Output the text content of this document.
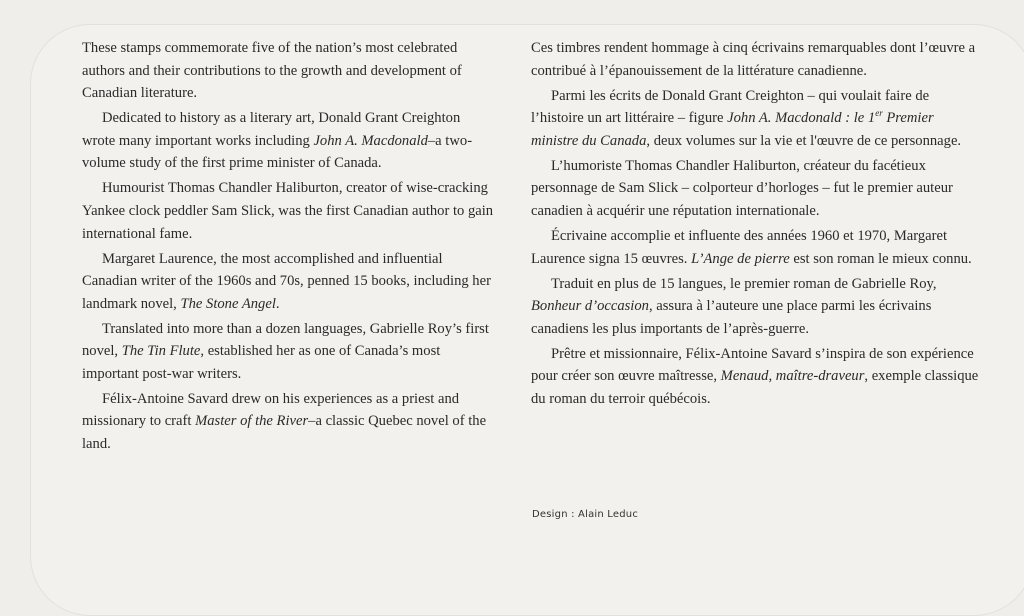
These stamps commemorate five of the nation’s most celebrated authors and their contributions to the growth and development of Canadian literature.

Dedicated to history as a literary art, Donald Grant Creighton wrote many important works including John A. Macdonald–a two-volume study of the first prime minister of Canada.

Humourist Thomas Chandler Haliburton, creator of wise-cracking Yankee clock peddler Sam Slick, was the first Canadian author to gain international fame.

Margaret Laurence, the most accomplished and influential Canadian writer of the 1960s and 70s, penned 15 books, including her landmark novel, The Stone Angel.

Translated into more than a dozen languages, Gabrielle Roy’s first novel, The Tin Flute, established her as one of Canada’s most important post-war writers.

Félix-Antoine Savard drew on his experiences as a priest and missionary to craft Master of the River–a classic Quebec novel of the land.

Ces timbres rendent hommage à cinq écrivains remarquables dont l’œuvre a contribué à l’épanouissement de la littérature canadienne.

Parmi les écrits de Donald Grant Creighton – qui voulait faire de l’histoire un art littéraire – figure John A. Macdonald : le 1er Premier ministre du Canada, deux volumes sur la vie et l'œuvre de ce personnage.

L’humoriste Thomas Chandler Haliburton, créateur du facétieux personnage de Sam Slick – colporteur d’horloges – fut le premier auteur canadien à acquérir une réputation internationale.

Écrivaine accomplie et influente des années 1960 et 1970, Margaret Laurence signa 15 œuvres. L’Ange de pierre est son roman le mieux connu.

Traduit en plus de 15 langues, le premier roman de Gabrielle Roy, Bonheur d’occasion, assura à l’auteure une place parmi les écrivains canadiens les plus importants de l’après-guerre.

Prêtre et missionnaire, Félix-Antoine Savard s’inspira de son expérience pour créer son œuvre maîtresse, Menaud, maître-draveur, exemple classique du roman du terroir québécois.

Design : Alain Leduc
